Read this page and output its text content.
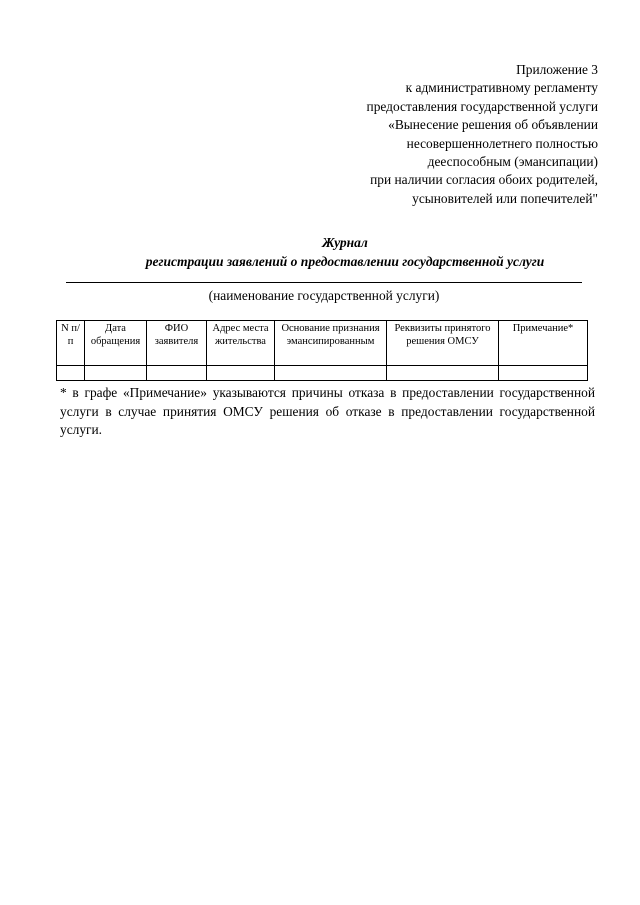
Приложение 3
к административному регламенту
предоставления государственной услуги
«Вынесение решения об объявлении
несовершеннолетнего полностью
дееспособным (эмансипации)
при наличии согласия обоих родителей,
усыновителей или попечителей"
Журнал
регистрации заявлений о предоставлении государственной услуги
(наименование государственной услуги)
N п/п	Дата обращения	ФИО заявителя	Адрес места жительства	Основание признания эмансипированным	Реквизиты принятого решения ОМСУ	Примечание*

* в графе «Примечание» указываются причины отказа в предоставлении государственной услуги в случае принятия ОМСУ решения об отказе в предоставлении государственной услуги.
